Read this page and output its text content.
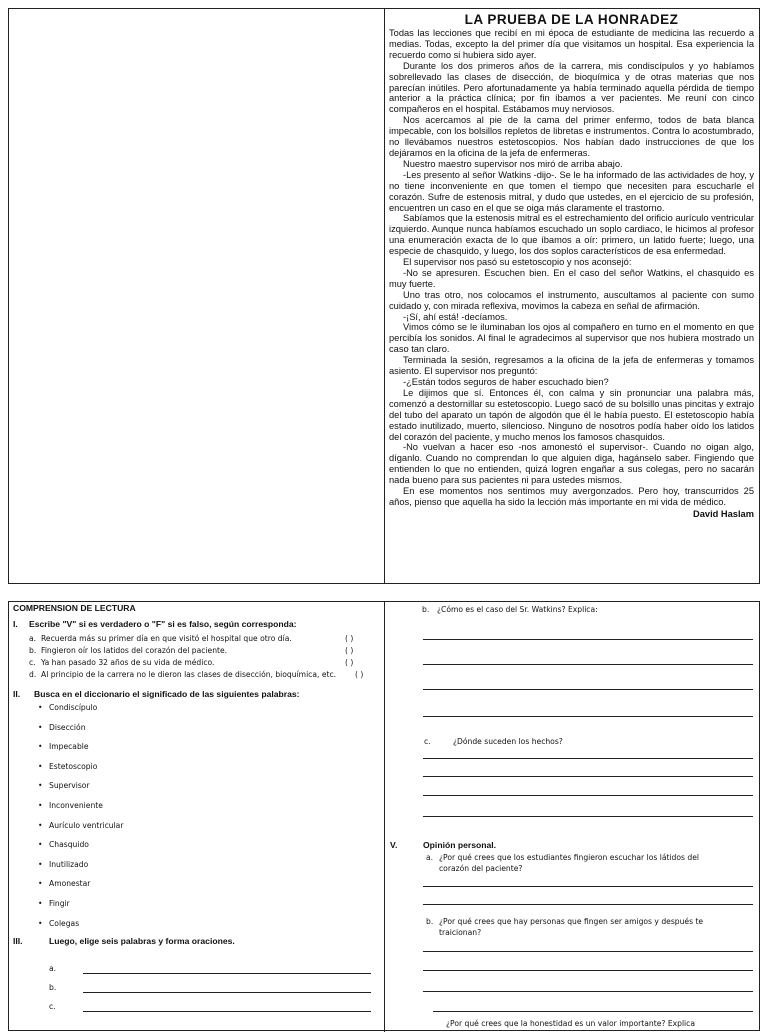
LA PRUEBA DE LA HONRADEZ

Todas las lecciones que recibí en mi época de estudiante de medicina las recuerdo a medias. Todas, excepto la del primer día que visitamos un hospital. Esa experiencia la recuerdo como si hubiera sido ayer.

Durante los dos primeros años de la carrera, mis condiscípulos y yo habíamos sobrellevado las clases de disección, de bioquímica y de otras materias que nos parecían inútiles. Pero afortunadamente ya había terminado aquella pérdida de tiempo anterior a la práctica clínica; por fin íbamos a ver pacientes. Me reuní con cinco compañeros en el hospital. Estábamos muy nerviosos.

Nos acercamos al pie de la cama del primer enfermo, todos de bata blanca impecable, con los bolsillos repletos de libretas e instrumentos. Contra lo acostumbrado, no llevábamos nuestros estetoscopios. Nos habían dado instrucciones de que los dejáramos en la oficina de la jefa de enfermeras.

Nuestro maestro supervisor nos miró de arriba abajo.

-Les presento al señor Watkins -dijo-. Se le ha informado de las actividades de hoy, y no tiene inconveniente en que tomen el tiempo que necesiten para escucharle el corazón. Sufre de estenosis mitral, y dudo que ustedes, en el ejercicio de su profesión, encuentren un caso en el que se oiga más claramente el trastorno.

Sabíamos que la estenosis mitral es el estrechamiento del orificio aurículo ventricular izquierdo. Aunque nunca habíamos escuchado un soplo cardiaco, le hicimos al profesor una enumeración exacta de lo que íbamos a oír: primero, un latido fuerte; luego, una especie de chasquido, y luego, los dos soplos característicos de esa enfermedad.

El supervisor nos pasó su estetoscopio y nos aconsejó:

-No se apresuren. Escuchen bien. En el caso del señor Watkins, el chasquido es muy fuerte.

Uno tras otro, nos colocamos el instrumento, auscultamos al paciente con sumo cuidado y, con mirada reflexiva, movimos la cabeza en señal de afirmación.

-¡Sí, ahí está! -decíamos.

Vimos cómo se le iluminaban los ojos al compañero en turno en el momento en que percibía los sonidos. Al final le agradecimos al supervisor que nos hubiera mostrado un caso tan claro.

Terminada la sesión, regresamos a la oficina de la jefa de enfermeras y tomamos asiento. El supervisor nos preguntó:

-¿Están todos seguros de haber escuchado bien?

Le dijimos que sí. Entonces él, con calma y sin pronunciar una palabra más, comenzó a destornillar su estetoscopio. Luego sacó de su bolsillo unas pincitas y extrajo del tubo del aparato un tapón de algodón que él le había puesto. El estetoscopio había estado inutilizado, muerto, silencioso. Ninguno de nosotros podía haber oído los latidos del corazón del paciente, y mucho menos los famosos chasquidos.

-No vuelvan a hacer eso -nos amonestó el supervisor-. Cuando no oigan algo, díganlo. Cuando no comprendan lo que alguien diga, hagánselo saber. Fingiendo que entienden lo que no entienden, quizá logren engañar a sus colegas, pero no sacarán nada bueno para sus pacientes ni para ustedes mismos.

En ese momentos nos sentimos muy avergonzados. Pero hoy, transcurridos 25 años, pienso que aquella ha sido la lección más importante en mi vida de médico.

David Haslam
COMPRENSION DE LECTURA
I. Escribe "V" si es verdadero o "F" si es falso, según corresponda:
a. Recuerda más su primer día en que visitó el hospital que otro día.	( )
b. Fingieron oír los latidos del corazón del paciente.	( )
c. Ya han pasado 32 años de su vida de médico.	( )
d. Al principio de la carrera no le dieron las clases de disección, bioquímica, etc. ( )
II. Busca en el diccionario el significado de las siguientes palabras:
• Condiscípulo
• Disección
• Impecable
• Estetoscopio
• Supervisor
• Inconveniente
• Aurículo ventricular
• Chasquido
• Inutilizado
• Amonestar
• Fingir
• Colegas
III.	Luego, elige seis palabras y forma oraciones.
a.
b.
c.
b. ¿Cómo es el caso del Sr. Watkins? Explica:
c.	¿Dónde suceden los hechos?
V.	Opinión personal.
a. ¿Por qué crees que los estudiantes fingieron escuchar los látidos del
corazón del paciente?
b. ¿Por qué crees que hay personas que fingen ser amigos y después te
traicionan?
¿Por qué crees que la honestidad es un valor importante? Explica
